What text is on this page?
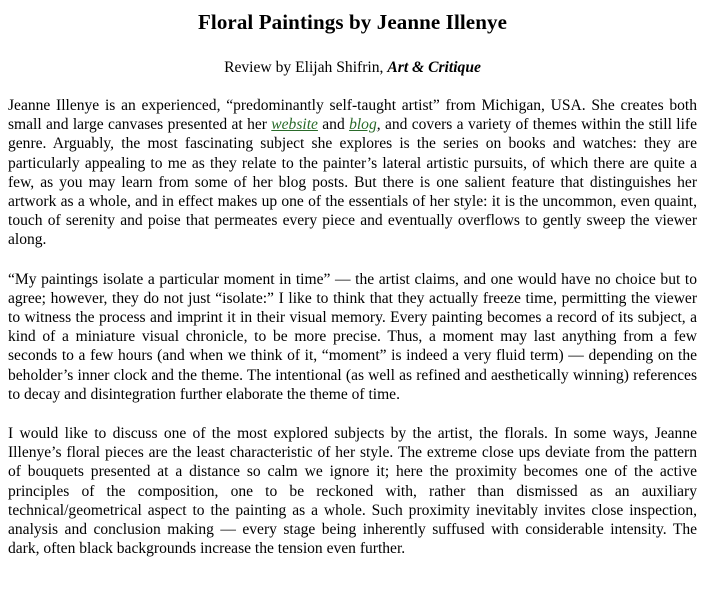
Floral Paintings by Jeanne Illenye

Review by Elijah Shifrin, Art & Critique

Jeanne Illenye is an experienced, “predominantly self-taught artist” from Michigan, USA. She creates both small and large canvases presented at her website and blog, and covers a variety of themes within the still life genre. Arguably, the most fascinating subject she explores is the series on books and watches: they are particularly appealing to me as they relate to the painter’s lateral artistic pursuits, of which there are quite a few, as you may learn from some of her blog posts. But there is one salient feature that distinguishes her artwork as a whole, and in effect makes up one of the essentials of her style: it is the uncommon, even quaint, touch of serenity and poise that permeates every piece and eventually overflows to gently sweep the viewer along.

“My paintings isolate a particular moment in time” — the artist claims, and one would have no choice but to agree; however, they do not just “isolate:” I like to think that they actually freeze time, permitting the viewer to witness the process and imprint it in their visual memory. Every painting becomes a record of its subject, a kind of a miniature visual chronicle, to be more precise. Thus, a moment may last anything from a few seconds to a few hours (and when we think of it, “moment” is indeed a very fluid term) — depending on the beholder’s inner clock and the theme. The intentional (as well as refined and aesthetically winning) references to decay and disintegration further elaborate the theme of time.

I would like to discuss one of the most explored subjects by the artist, the florals. In some ways, Jeanne Illenye’s floral pieces are the least characteristic of her style. The extreme close ups deviate from the pattern of bouquets presented at a distance so calm we ignore it; here the proximity becomes one of the active principles of the composition, one to be reckoned with, rather than dismissed as an auxiliary technical/geometrical aspect to the painting as a whole. Such proximity inevitably invites close inspection, analysis and conclusion making — every stage being inherently suffused with considerable intensity. The dark, often black backgrounds increase the tension even further.
